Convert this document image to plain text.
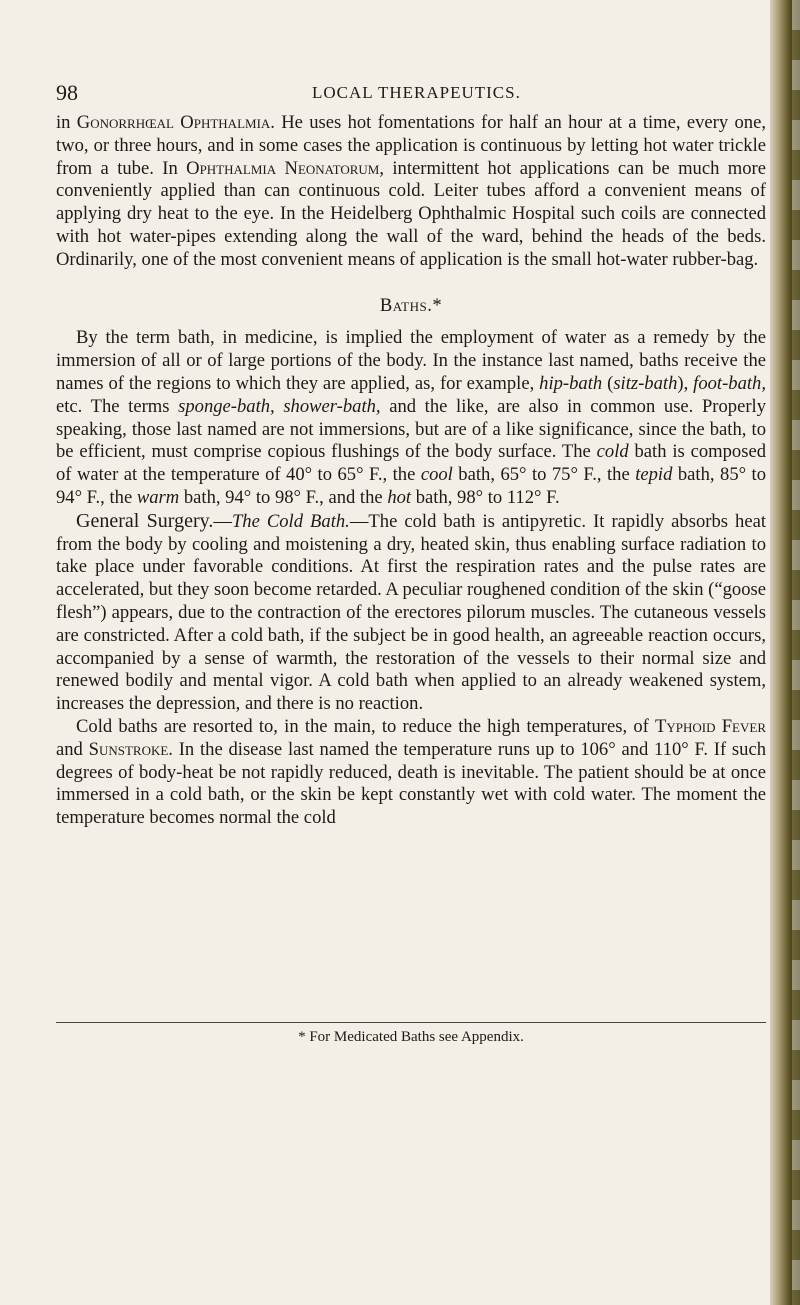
98	LOCAL THERAPEUTICS.

in Gonorrhœal Ophthalmia. He uses hot fomentations for half an hour at a time, every one, two, or three hours, and in some cases the application is continuous by letting hot water trickle from a tube. In Ophthalmia Neonatorum, intermittent hot applications can be much more conveniently applied than can continuous cold. Leiter tubes afford a convenient means of applying dry heat to the eye. In the Heidelberg Ophthalmic Hospital such coils are connected with hot water-pipes extending along the wall of the ward, behind the heads of the beds. Ordinarily, one of the most convenient means of application is the small hot-water rubber-bag.

Baths.*

By the term bath, in medicine, is implied the employment of water as a remedy by the immersion of all or of large portions of the body. In the instance last named, baths receive the names of the regions to which they are applied, as, for example, hip-bath (sitz-bath), foot-bath, etc. The terms sponge-bath, shower-bath, and the like, are also in common use. Properly speaking, those last named are not immersions, but are of a like significance, since the bath, to be efficient, must comprise copious flushings of the body surface. The cold bath is composed of water at the temperature of 40° to 65° F., the cool bath, 65° to 75° F., the tepid bath, 85° to 94° F., the warm bath, 94° to 98° F., and the hot bath, 98° to 112° F.

General Surgery.—The Cold Bath.—The cold bath is antipyretic. It rapidly absorbs heat from the body by cooling and moistening a dry, heated skin, thus enabling surface radiation to take place under favorable conditions. At first the respiration rates and the pulse rates are accelerated, but they soon become retarded. A peculiar roughened condition of the skin (“goose flesh”) appears, due to the contraction of the erectores pilorum muscles. The cutaneous vessels are constricted. After a cold bath, if the subject be in good health, an agreeable reaction occurs, accompanied by a sense of warmth, the restoration of the vessels to their normal size and renewed bodily and mental vigor. A cold bath when applied to an already weakened system, increases the depression, and there is no reaction.

Cold baths are resorted to, in the main, to reduce the high temperatures, of Typhoid Fever and Sunstroke. In the disease last named the temperature runs up to 106° and 110° F. If such degrees of body-heat be not rapidly reduced, death is inevitable. The patient should be at once immersed in a cold bath, or the skin be kept constantly wet with cold water. The moment the temperature becomes normal the cold

* For Medicated Baths see Appendix.
